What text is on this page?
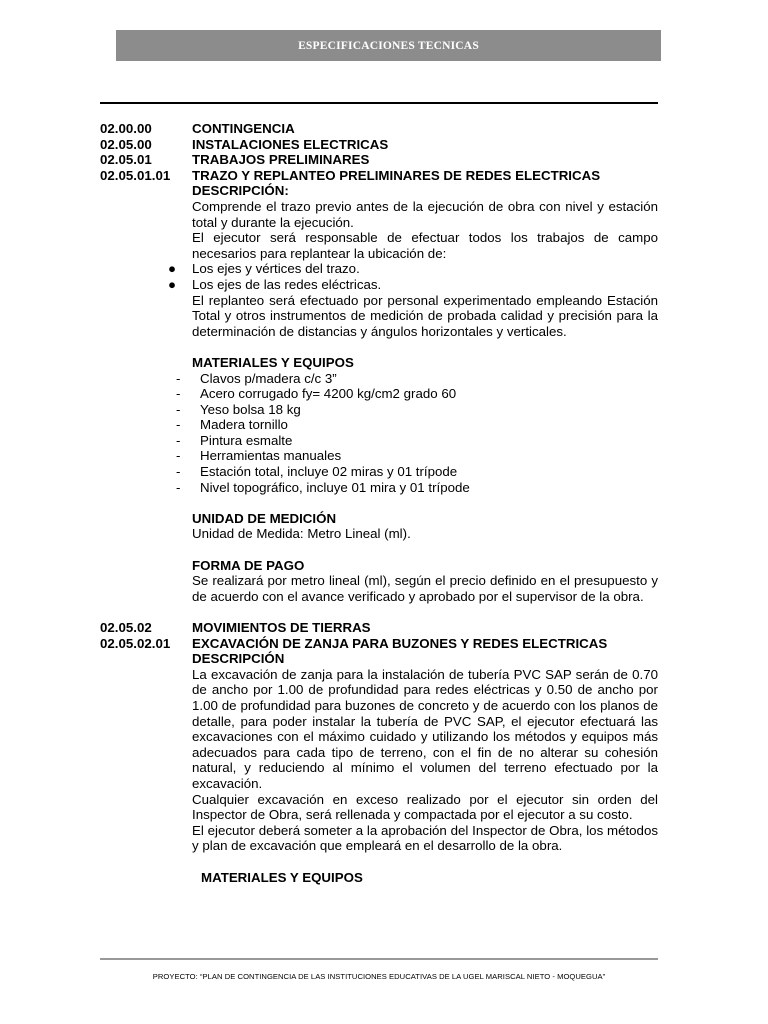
ESPECIFICACIONES TECNICAS
02.00.00	CONTINGENCIA
02.05.00	INSTALACIONES ELECTRICAS
02.05.01	TRABAJOS PRELIMINARES
02.05.01.01	TRAZO Y REPLANTEO PRELIMINARES DE REDES ELECTRICAS
DESCRIPCIÓN:
Comprende el trazo previo antes de la ejecución de obra con nivel y estación total y durante la ejecución.
El ejecutor será responsable de efectuar todos los trabajos de campo necesarios para replantear la ubicación de:
●	Los ejes y vértices del trazo.
●	Los ejes de las redes eléctricas.
El replanteo será efectuado por personal experimentado empleando Estación Total y otros instrumentos de medición de probada calidad y precisión para la determinación de distancias y ángulos horizontales y verticales.
MATERIALES Y EQUIPOS
-	Clavos p/madera c/c 3”
-	Acero corrugado fy= 4200 kg/cm2 grado 60
-	Yeso bolsa 18 kg
-	Madera tornillo
-	Pintura esmalte
-	Herramientas manuales
-	Estación total, incluye 02 miras y 01 trípode
-	Nivel topográfico, incluye 01 mira y 01 trípode
UNIDAD DE MEDICIÓN
Unidad de Medida: Metro Lineal (ml).
FORMA DE PAGO
Se realizará por metro lineal (ml), según el precio definido en el presupuesto y de acuerdo con el avance verificado y aprobado por el supervisor de la obra.
02.05.02	MOVIMIENTOS DE TIERRAS
02.05.02.01	EXCAVACIÓN DE ZANJA PARA BUZONES Y REDES ELECTRICAS
DESCRIPCIÓN
La excavación de zanja para la instalación de tubería PVC SAP serán de 0.70 de ancho por 1.00 de profundidad para redes eléctricas y 0.50 de ancho por 1.00 de profundidad para buzones de concreto y de acuerdo con los planos de detalle, para poder instalar la tubería de PVC SAP, el ejecutor efectuará las excavaciones con el máximo cuidado y utilizando los métodos y equipos más adecuados para cada tipo de terreno, con el fin de no alterar su cohesión natural, y reduciendo al mínimo el volumen del terreno efectuado por la excavación.
Cualquier excavación en exceso realizado por el ejecutor sin orden del Inspector de Obra, será rellenada y compactada por el ejecutor a su costo.
El ejecutor deberá someter a la aprobación del Inspector de Obra, los métodos y plan de excavación que empleará en el desarrollo de la obra.
MATERIALES Y EQUIPOS
PROYECTO: “PLAN DE CONTINGENCIA DE LAS INSTITUCIONES EDUCATIVAS DE LA UGEL MARISCAL NIETO - MOQUEGUA”
